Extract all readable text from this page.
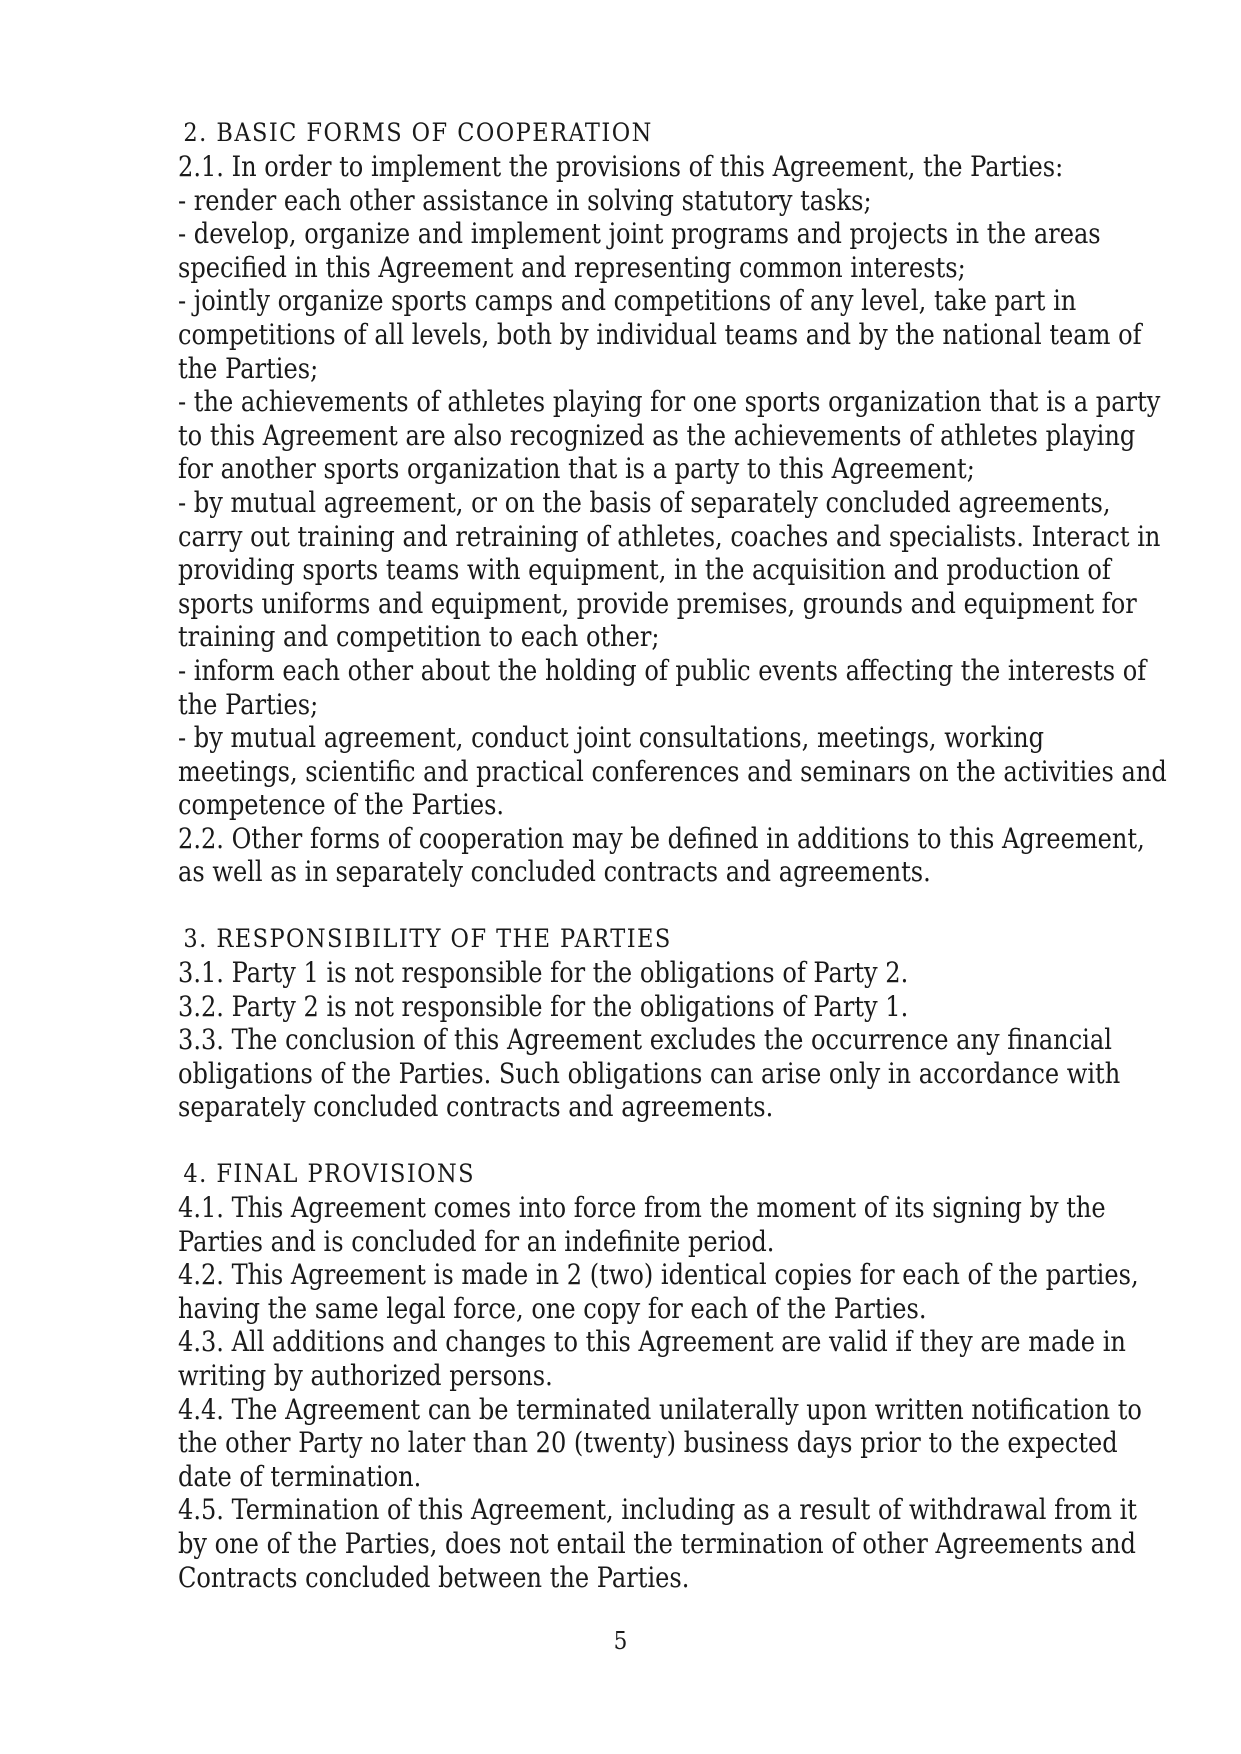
2. BASIC FORMS OF COOPERATION

2.1. In order to implement the provisions of this Agreement, the Parties:

- render each other assistance in solving statutory tasks;

- develop, organize and implement joint programs and projects in the areas specified in this Agreement and representing common interests;

- jointly organize sports camps and competitions of any level, take part in competitions of all levels, both by individual teams and by the national team of the Parties;

- the achievements of athletes playing for one sports organization that is a party to this Agreement are also recognized as the achievements of athletes playing for another sports organization that is a party to this Agreement;

- by mutual agreement, or on the basis of separately concluded agreements, carry out training and retraining of athletes, coaches and specialists. Interact in providing sports teams with equipment, in the acquisition and production of sports uniforms and equipment, provide premises, grounds and equipment for training and competition to each other;

- inform each other about the holding of public events affecting the interests of the Parties;

- by mutual agreement, conduct joint consultations, meetings, working meetings, scientific and practical conferences and seminars on the activities and competence of the Parties.

2.2. Other forms of cooperation may be defined in additions to this Agreement, as well as in separately concluded contracts and agreements.

3. RESPONSIBILITY OF THE PARTIES

3.1. Party 1 is not responsible for the obligations of Party 2.

3.2. Party 2 is not responsible for the obligations of Party 1.

3.3. The conclusion of this Agreement excludes the occurrence any financial obligations of the Parties. Such obligations can arise only in accordance with separately concluded contracts and agreements.

4. FINAL PROVISIONS

4.1. This Agreement comes into force from the moment of its signing by the Parties and is concluded for an indefinite period.

4.2. This Agreement is made in 2 (two) identical copies for each of the parties, having the same legal force, one copy for each of the Parties.

4.3. All additions and changes to this Agreement are valid if they are made in writing by authorized persons.

4.4. The Agreement can be terminated unilaterally upon written notification to the other Party no later than 20 (twenty) business days prior to the expected date of termination.

4.5. Termination of this Agreement, including as a result of withdrawal from it by one of the Parties, does not entail the termination of other Agreements and Contracts concluded between the Parties.

5
